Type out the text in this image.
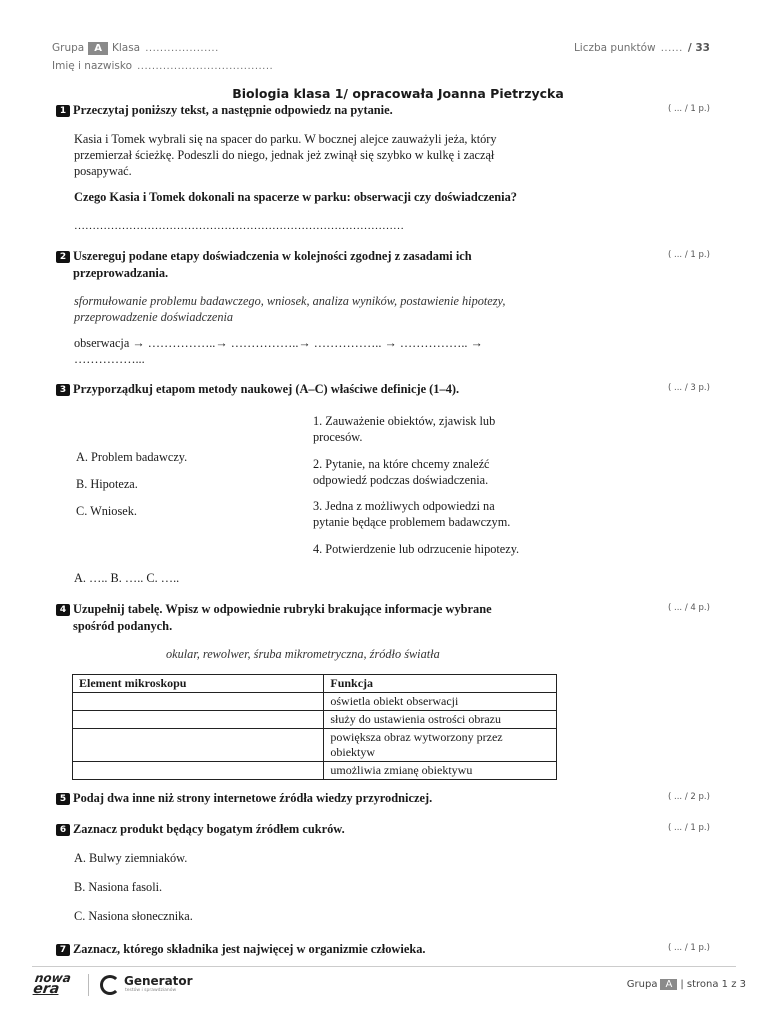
Grupa A Klasa ....................
Imię i nazwisko .....................................
Liczba punktów ...... / 33
Biologia klasa 1/ opracowała Joanna Pietrzycka
1 Przeczytaj poniższy tekst, a następnie odpowiedz na pytanie.	( ... / 1 p.)
Kasia i Tomek wybrali się na spacer do parku. W bocznej alejce zauważyli jeża, który
przemierzał ścieżkę. Podeszli do niego, jednak jeż zwinął się szybko w kulkę i zaczął
posapywać.
Czego Kasia i Tomek dokonali na spacerze w parku: obserwacji czy doświadczenia?
………………………………………………………………………………
2 Uszereguj podane etapy doświadczenia w kolejności zgodnej z zasadami ich
przeprowadzania.
( ... / 1 p.)
sformułowanie problemu badawczego, wniosek, analiza wyników, postawienie hipotezy,
przeprowadzenie doświadczenia
obserwacja → ……………..→ ……………..→ …………….. → …………….. →
……………...
3 Przyporządkuj etapom metody naukowej (A–C) właściwe definicje (1–4).	( ... / 3 p.)
A. Problem badawczy.
B. Hipoteza.
C. Wniosek.
1. Zauważenie obiektów, zjawisk lub
procesów.
2. Pytanie, na które chcemy znaleźć
odpowiedź podczas doświadczenia.
3. Jedna z możliwych odpowiedzi na
pytanie będące problemem badawczym.
4. Potwierdzenie lub odrzucenie hipotezy.
A. ….. B. ….. C. …..
4 Uzupełnij tabelę. Wpisz w odpowiednie rubryki brakujące informacje wybrane
spośród podanych.
( ... / 4 p.)
okular, rewolwer, śruba mikrometryczna, źródło światła
Element mikroskopu	Funkcja
	oświetla obiekt obserwacji
	służy do ustawienia ostrości obrazu
	powiększa obraz wytworzony przez obiektyw
	umożliwia zmianę obiektywu
5 Podaj dwa inne niż strony internetowe źródła wiedzy przyrodniczej.	( ... / 2 p.)
6 Zaznacz produkt będący bogatym źródłem cukrów.	( ... / 1 p.)
A. Bulwy ziemniaków.
B. Nasiona fasoli.
C. Nasiona słonecznika.
7 Zaznacz, którego składnika jest najwięcej w organizmie człowieka.	( ... / 1 p.)
nowa
era	Generator
testów i sprawdzianów
Grupa A | strona 1 z 3
